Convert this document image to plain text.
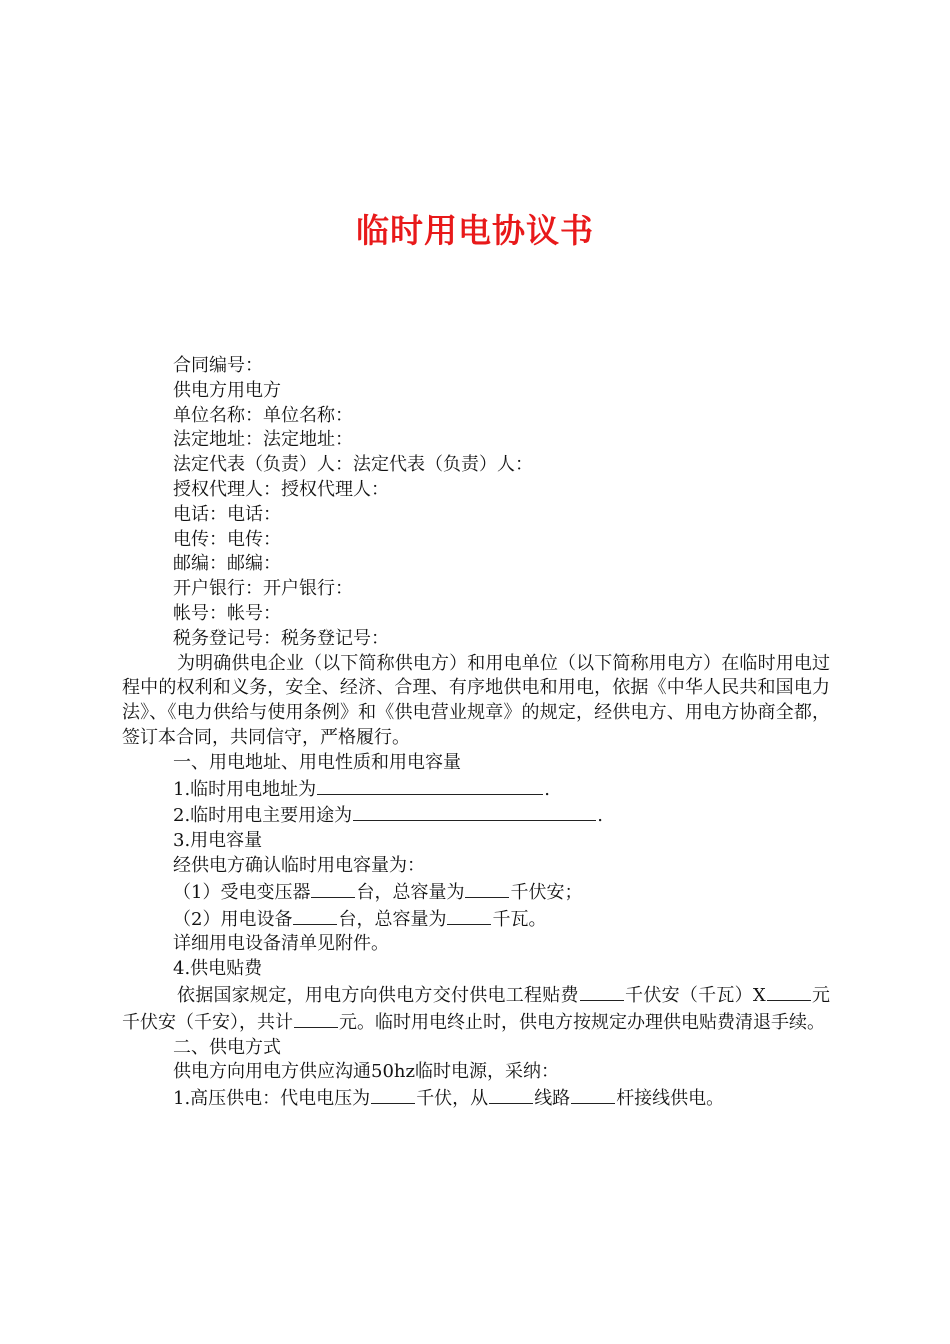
临时用电协议书
合同编号：
供电方用电方
单位名称：单位名称：
法定地址：法定地址：
法定代表（负责）人：法定代表（负责）人：
授权代理人：授权代理人：
电话：电话：
电传：电传：
邮编：邮编：
开户银行：开户银行：
帐号：帐号：
税务登记号：税务登记号：
为明确供电企业（以下简称供电方）和用电单位（以下简称用电方）在临时用电过程中的权利和义务，安全、经济、合理、有序地供电和用电，依据《中华人民共和国电力法》、《电力供给与使用条例》和《供电营业规章》的规定，经供电方、用电方协商全都，签订本合同，共同信守，严格履行。
一、用电地址、用电性质和用电容量
1.临时用电地址为	.
2.临时用电主要用途为	.
3.用电容量
经供电方确认临时用电容量为：
（1）受电变压器	台，总容量为	千伏安；
（2）用电设备	台，总容量为	千瓦。
详细用电设备清单见附件。
4.供电贴费
依据国家规定，用电方向供电方交付供电工程贴费	千伏安（千瓦）X	元千伏安（千安），共计	元。临时用电终止时，供电方按规定办理供电贴费清退手续。
二、供电方式
供电方向用电方供应沟通50hz临时电源，采纳：
1.高压供电：代电电压为	千伏，从	线路	杆接线供电。
